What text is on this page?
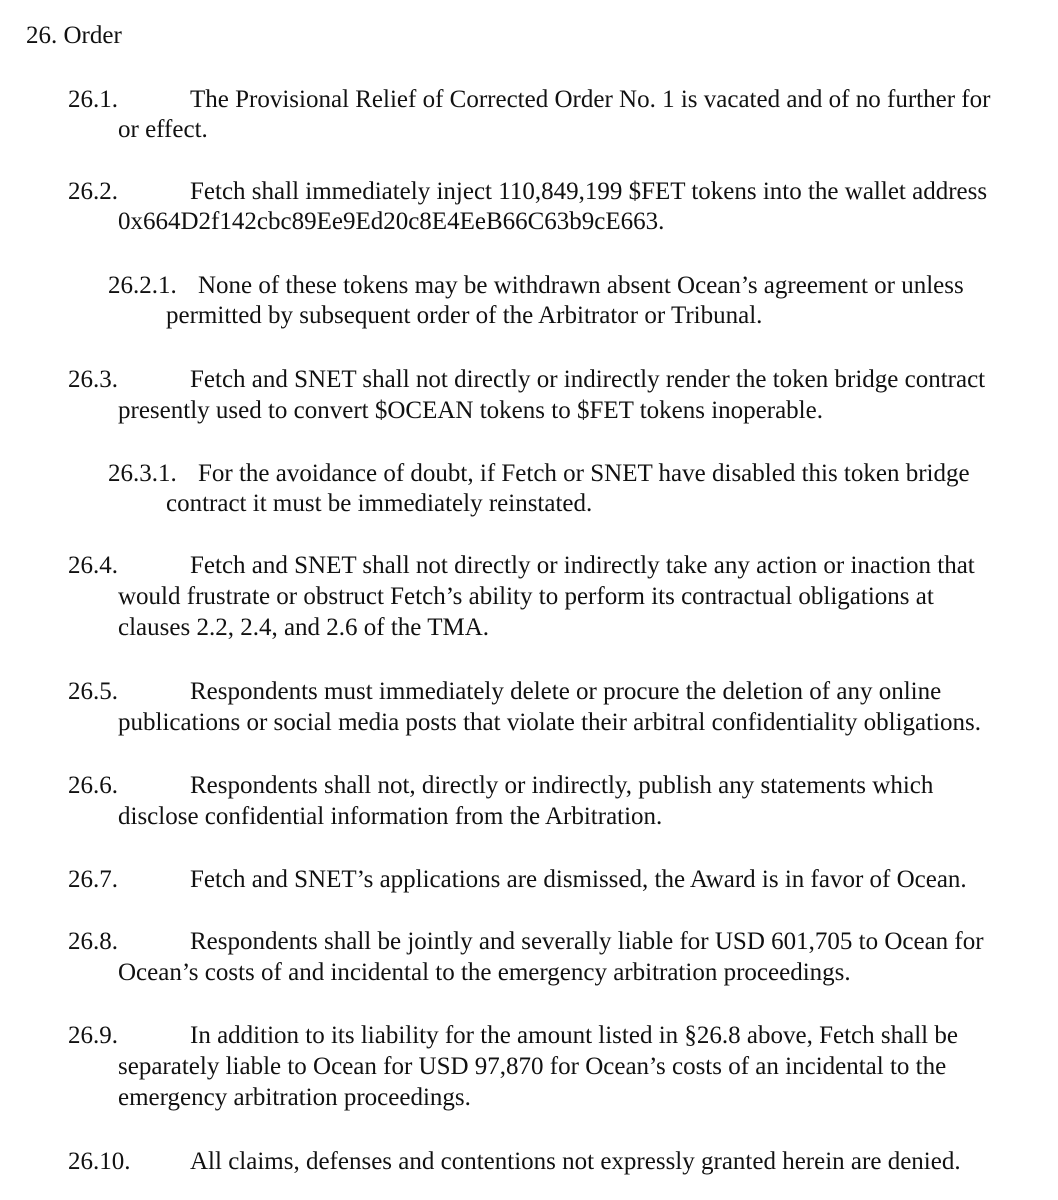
26. Order
26.1.	The Provisional Relief of Corrected Order No. 1 is vacated and of no further for
or effect.
26.2.	Fetch shall immediately inject 110,849,199 $FET tokens into the wallet address
0x664D2f142cbc89Ee9Ed20c8E4EeB66C63b9cE663.
26.2.1. None of these tokens may be withdrawn absent Ocean’s agreement or unless
permitted by subsequent order of the Arbitrator or Tribunal.
26.3.	Fetch and SNET shall not directly or indirectly render the token bridge contract
presently used to convert $OCEAN tokens to $FET tokens inoperable.
26.3.1. For the avoidance of doubt, if Fetch or SNET have disabled this token bridge
contract it must be immediately reinstated.
26.4.	Fetch and SNET shall not directly or indirectly take any action or inaction that
would frustrate or obstruct Fetch’s ability to perform its contractual obligations at
clauses 2.2, 2.4, and 2.6 of the TMA.
26.5.	Respondents must immediately delete or procure the deletion of any online
publications or social media posts that violate their arbitral confidentiality obligations.
26.6.	Respondents shall not, directly or indirectly, publish any statements which
disclose confidential information from the Arbitration.
26.7.	Fetch and SNET’s applications are dismissed, the Award is in favor of Ocean.
26.8.	Respondents shall be jointly and severally liable for USD 601,705 to Ocean for
Ocean’s costs of and incidental to the emergency arbitration proceedings.
26.9.	In addition to its liability for the amount listed in §26.8 above, Fetch shall be
separately liable to Ocean for USD 97,870 for Ocean’s costs of an incidental to the
emergency arbitration proceedings.
26.10. All claims, defenses and contentions not expressly granted herein are denied.
